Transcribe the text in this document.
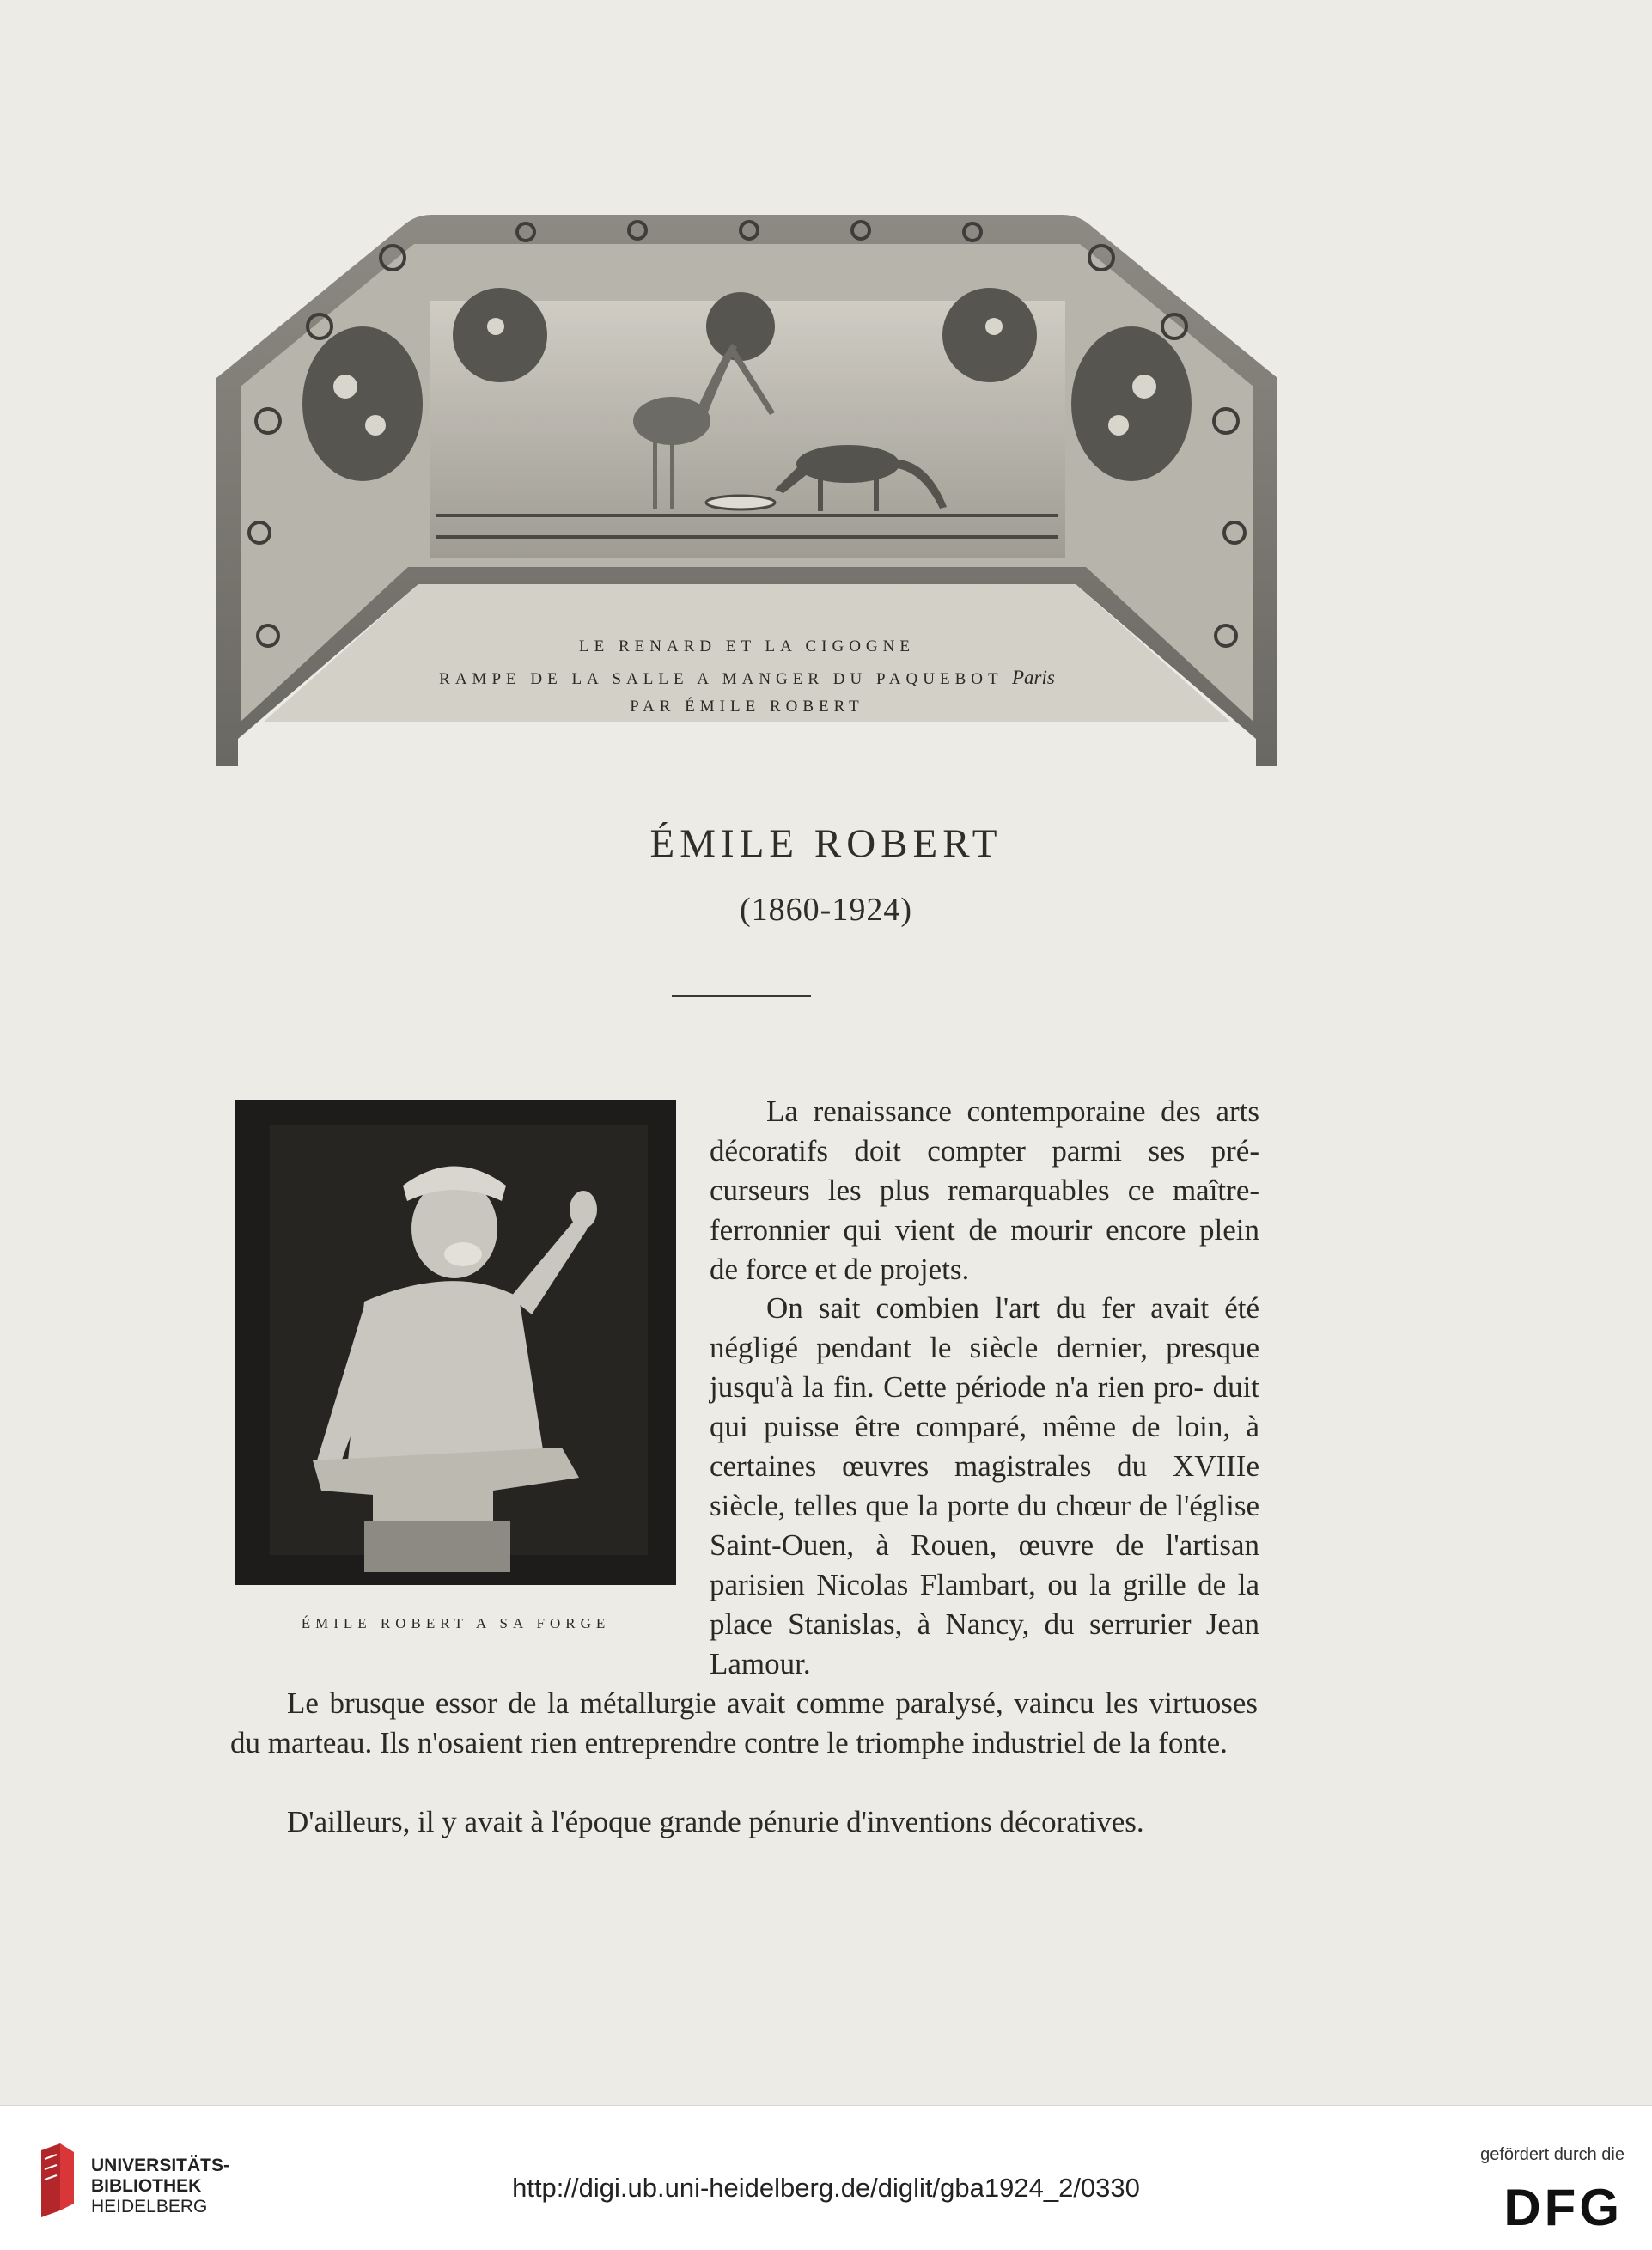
LE RENARD ET LA CIGOGNE
RAMPE DE LA SALLE A MANGER DU PAQUEBOT Paris
PAR ÉMILE ROBERT
ÉMILE ROBERT
(1860-1924)
ÉMILE ROBERT A SA FORGE
La renaissance contemporaine des arts décoratifs doit compter parmi ses pré- curseurs les plus remarquables ce maître-ferronnier qui vient de mourir encore plein de force et de projets.
On sait combien l'art du fer avait été négligé pendant le siècle dernier, presque jusqu'à la fin. Cette période n'a rien pro- duit qui puisse être comparé, même de loin, à certaines œuvres magistrales du XVIIIe siècle, telles que la porte du chœur de l'église Saint-Ouen, à Rouen, œuvre de l'artisan parisien Nicolas Flambart, ou la grille de la place Stanislas, à Nancy, du serrurier Jean Lamour.
Le brusque essor de la métallurgie avait comme paralysé, vaincu les virtuoses du marteau. Ils n'osaient rien entreprendre contre le triomphe industriel de la fonte.
D'ailleurs, il y avait à l'époque grande pénurie d'inventions décoratives.
UNIVERSITÄTS-
BIBLIOTHEK
HEIDELBERG
http://digi.ub.uni-heidelberg.de/diglit/gba1924_2/0330
gefördert durch die
DFG
